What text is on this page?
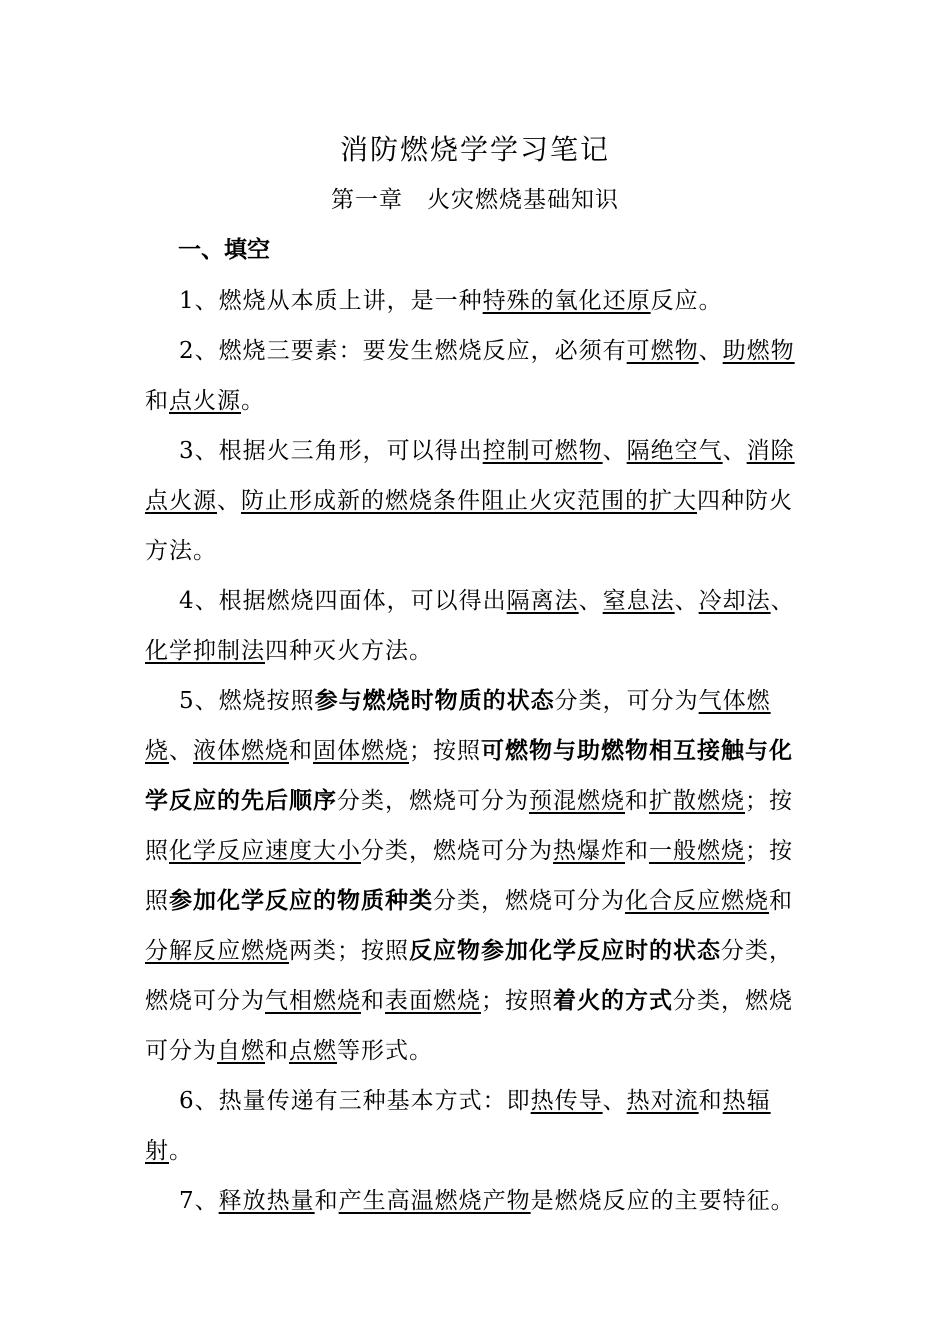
消防燃烧学学习笔记
第一章　火灾燃烧基础知识
一、填空

1、燃烧从本质上讲，是一种特殊的氧化还原反应。

2、燃烧三要素：要发生燃烧反应，必须有可燃物、助燃物和点火源。

3、根据火三角形，可以得出控制可燃物、隔绝空气、消除点火源、防止形成新的燃烧条件阻止火灾范围的扩大四种防火方法。

4、根据燃烧四面体，可以得出隔离法、窒息法、冷却法、化学抑制法四种灭火方法。

5、燃烧按照参与燃烧时物质的状态分类，可分为气体燃烧、液体燃烧和固体燃烧；按照可燃物与助燃物相互接触与化学反应的先后顺序分类，燃烧可分为预混燃烧和扩散燃烧；按照化学反应速度大小分类，燃烧可分为热爆炸和一般燃烧；按照参加化学反应的物质种类分类，燃烧可分为化合反应燃烧和分解反应燃烧两类；按照反应物参加化学反应时的状态分类，燃烧可分为气相燃烧和表面燃烧；按照着火的方式分类，燃烧可分为自燃和点燃等形式。

6、热量传递有三种基本方式：即热传导、热对流和热辐射。

7、释放热量和产生高温燃烧产物是燃烧反应的主要特征。
